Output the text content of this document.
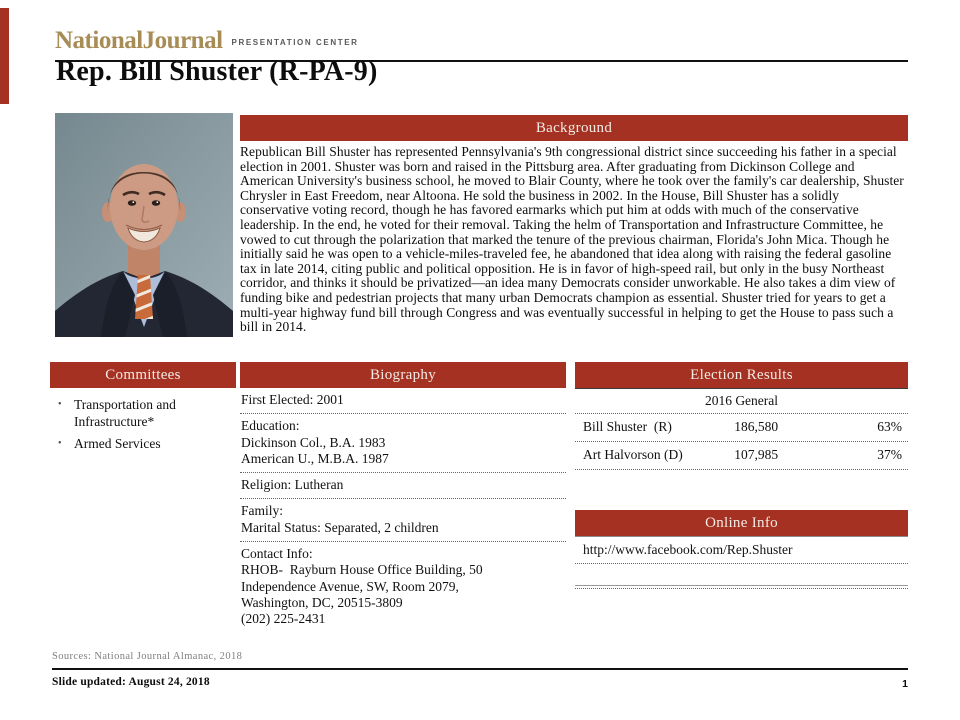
NationalJournal PRESENTATION CENTER
Rep. Bill Shuster (R-PA-9)
Background

Republican Bill Shuster has represented Pennsylvania's 9th congressional district since succeeding his father in a special election in 2001. Shuster was born and raised in the Pittsburg area. After graduating from Dickinson College and American University's business school, he moved to Blair County, where he took over the family's car dealership, Shuster Chrysler in East Freedom, near Altoona. He sold the business in 2002. In the House, Bill Shuster has a solidly conservative voting record, though he has favored earmarks which put him at odds with much of the conservative leadership. In the end, he voted for their removal. Taking the helm of Transportation and Infrastructure Committee, he vowed to cut through the polarization that marked the tenure of the previous chairman, Florida's John Mica. Though he initially said he was open to a vehicle-miles-traveled fee, he abandoned that idea along with raising the federal gasoline tax in late 2014, citing public and political opposition. He is in favor of high-speed rail, but only in the busy Northeast corridor, and thinks it should be privatized—an idea many Democrats consider unworkable. He also takes a dim view of funding bike and pedestrian projects that many urban Democrats champion as essential. Shuster tried for years to get a multi-year highway fund bill through Congress and was eventually successful in helping to get the House to pass such a bill in 2014.

Committees
• Transportation and Infrastructure*
• Armed Services
Biography
First Elected: 2001
Education:
Dickinson Col., B.A. 1983
American U., M.B.A. 1987
Religion: Lutheran
Family:
Marital Status: Separated, 2 children
Contact Info:
RHOB-  Rayburn House Office Building, 50
Independence Avenue, SW, Room 2079,
Washington, DC, 20515-3809
(202) 225-2431
Election Results
2016 General
Bill Shuster  (R)	186,580	63%
Art Halvorson (D)	107,985	37%
Online Info
http://www.facebook.com/Rep.Shuster
Sources: National Journal Almanac, 2018
Slide updated: August 24, 2018	1
